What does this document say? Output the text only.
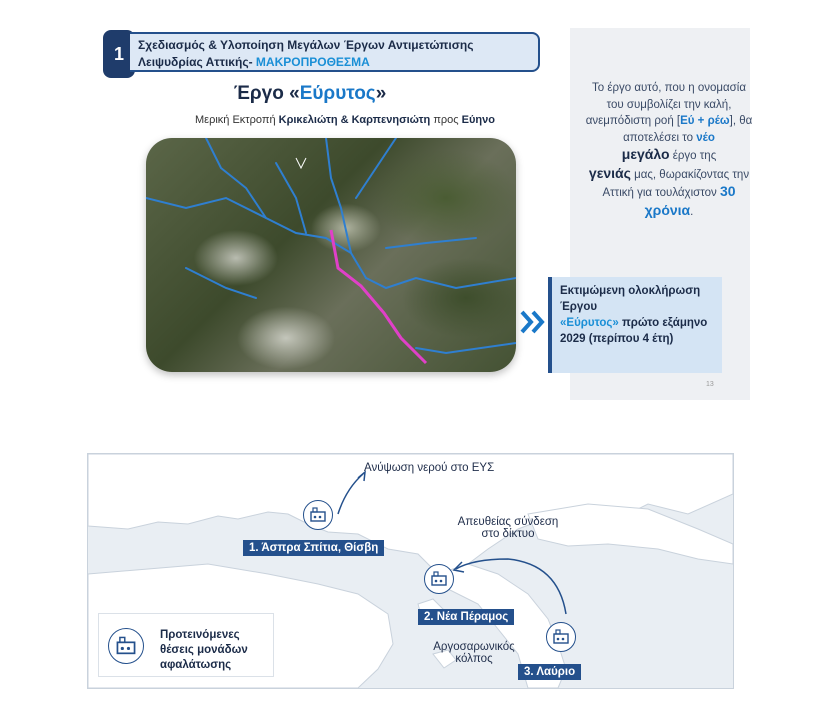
1 Σχεδιασμός & Υλοποίηση Μεγάλων Έργων Αντιμετώπισης
Λειψυδρίας Αττικής- ΜΑΚΡΟΠΡΟΘΕΣΜΑ
Έργο «Εύρυτος»
Μερική Εκτροπή Κρικελιώτη & Καρπενησιώτη προς Εύηνο
Το έργο αυτό, που η ονομασία του συμβολίζει την καλή, ανεμπόδιστη ροή [Εύ + ρέω], θα αποτελέσει το νέο
μεγάλο έργο της
γενιάς μας, θωρακίζοντας την Αττική για τουλάχιστον 30
χρόνια.
Εκτιμώμενη ολοκλήρωση Έργου
«Εύρυτος» πρώτο εξάμηνο 2029 (περίπου 4 έτη)
13
Ανύψωση νερού στο ΕΥΣ
Απευθείας σύνδεση στο δίκτυο
Αργοσαρωνικός κόλπος
1. Άσπρα Σπίτια, Θίσβη
2. Νέα Πέραμος
3. Λαύριο
Προτεινόμενες θέσεις μονάδων αφαλάτωσης
